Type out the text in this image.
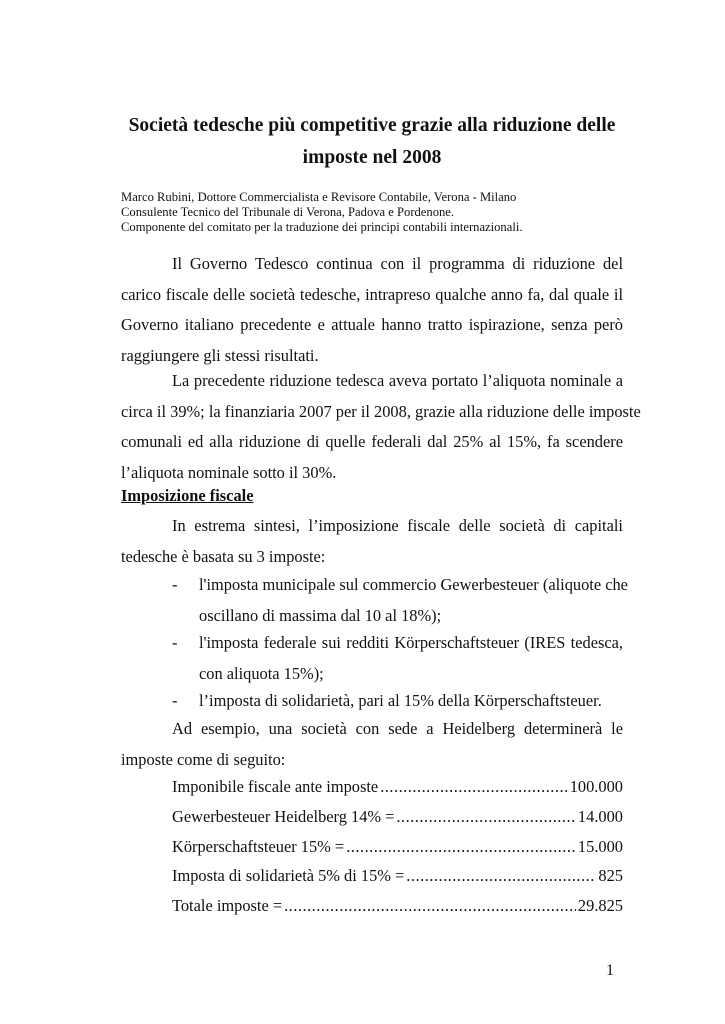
Società tedesche più competitive grazie alla riduzione delle
imposte nel 2008
Marco Rubini, Dottore Commercialista e Revisore Contabile, Verona - Milano
Consulente Tecnico del Tribunale di Verona, Padova e Pordenone.
Componente del comitato per la traduzione dei principi contabili internazionali.
Il Governo Tedesco continua con il programma di riduzione del
carico fiscale delle società tedesche, intrapreso qualche anno fa, dal quale il
Governo italiano precedente e attuale hanno tratto ispirazione, senza però
raggiungere gli stessi risultati.
La precedente riduzione tedesca aveva portato l’aliquota nominale a
circa il 39%; la finanziaria 2007 per il 2008, grazie alla riduzione delle imposte
comunali ed alla riduzione di quelle federali dal 25% al 15%, fa scendere
l’aliquota nominale sotto il 30%.
Imposizione fiscale
In estrema sintesi, l’imposizione fiscale delle società di capitali
tedesche è basata su 3 imposte:
- l'imposta municipale sul commercio Gewerbesteuer (aliquote che
oscillano di massima dal 10 al 18%);
- l'imposta federale sui redditi Körperschaftsteuer (IRES tedesca,
con aliquota 15%);
- l’imposta di solidarietà, pari al 15% della Körperschaftsteuer.
Ad esempio, una società con sede a Heidelberg determinerà le
imposte come di seguito:
Imponibile fiscale ante imposte .....	100.000
Gewerbesteuer Heidelberg 14% = .....	14.000
Körperschaftsteuer 15% = .....	15.000
Imposta di solidarietà 5% di 15% = .....	825
Totale imposte = .....	29.825
1
